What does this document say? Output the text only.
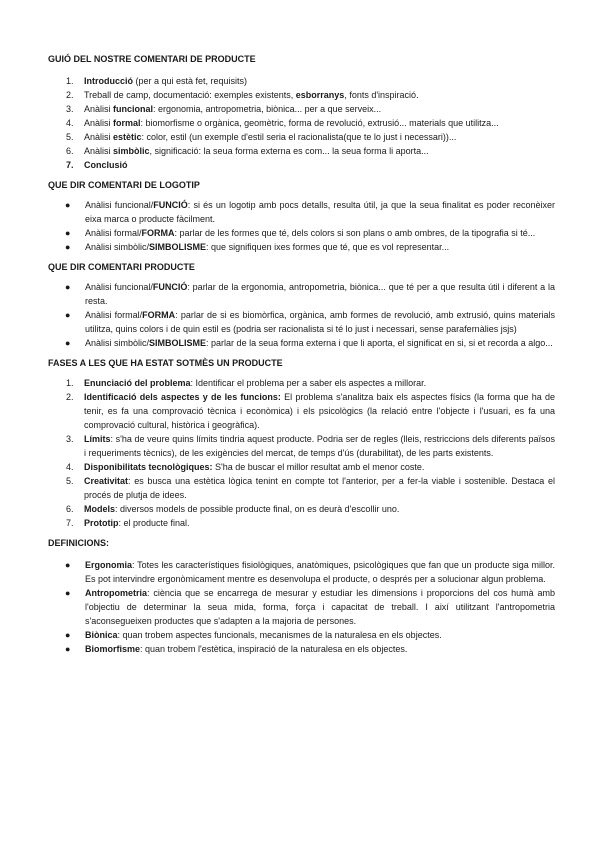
GUIÓ DEL NOSTRE COMENTARI DE PRODUCTE

1. Introducció (per a qui està fet, requisits)
2. Treball de camp, documentació: exemples existents, esborranys, fonts d'inspiració.
3. Anàlisi funcional: ergonomia, antropometria, biònica... per a que serveix...
4. Anàlisi formal: biomorfisme o orgànica, geomètric, forma de revolució, extrusió... materials que utilitza...
5. Anàlisi estètic: color, estil (un exemple d'estil seria el racionalista(que te lo just i necessari))...
6. Anàlisi simbòlic, significació: la seua forma externa es com... la seua forma li aporta...
7. Conclusió

QUE DIR COMENTARI DE LOGOTIP

● Anàlisi funcional/FUNCIÓ: si és un logotip amb pocs detalls, resulta útil, ja que la seua finalitat es poder reconèixer eixa marca o producte fàcilment.
● Anàlisi formal/FORMA: parlar de les formes que té, dels colors si son plans o amb ombres, de la tipografia si té...
● Anàlisi simbòlic/SIMBOLISME: que signifiquen ixes formes que té, que es vol representar...

QUE DIR COMENTARI PRODUCTE

● Anàlisi funcional/FUNCIÓ: parlar de la ergonomia, antropometria, biònica... que té per a que resulta útil i diferent a la resta.
● Anàlisi formal/FORMA: parlar de si es biomòrfica, orgànica, amb formes de revolució, amb extrusió, quins materials utilitza, quins colors i de quin estil es (podria ser racionalista si té lo just i necessari, sense parafernàlies jsjs)
● Anàlisi simbòlic/SIMBOLISME: parlar de la seua forma externa i que li aporta, el significat en si, si et recorda a algo...

FASES A LES QUE HA ESTAT SOTMÈS UN PRODUCTE

1. Enunciació del problema: Identificar el problema per a saber els aspectes a millorar.
2. Identificació dels aspectes y de les funcions: El problema s'analitza baix els aspectes físics (la forma que ha de tenir, es fa una comprovació tècnica i econòmica) i els psicològics (la relació entre l'objecte i l'usuari, es fa una comprovació cultural, històrica i geogràfica).
3. Límits: s'ha de veure quins límits tindria aquest producte. Podria ser de regles (lleis, restriccions dels diferents països i requeriments tècnics), de les exigències del mercat, de temps d'ús (durabilitat), de les parts existents.
4. Disponibilitats tecnològiques: S'ha de buscar el millor resultat amb el menor coste.
5. Creativitat: es busca una estètica lògica tenint en compte tot l'anterior, per a fer-la viable i sostenible. Destaca el procés de plutja de idees.
6. Models: diversos models de possible producte final, on es deurà d'escollir uno.
7. Prototip: el producte final.

DEFINICIONS:

● Ergonomia: Totes les característiques fisiològiques, anatòmiques, psicològiques que fan que un producte siga millor. Es pot intervindre ergonòmicament mentre es desenvolupa el producte, o després per a solucionar algun problema.
● Antropometria: ciència que se encarrega de mesurar y estudiar les dimensions i proporcions del cos humà amb l'objectiu de determinar la seua mida, forma, força i capacitat de treball. I així utilitzant l'antropometria s'aconsegueixen productes que s'adapten a la majoria de persones.
● Biònica: quan trobem aspectes funcionals, mecanismes de la naturalesa en els objectes.
● Biomorfisme: quan trobem l'estètica, inspiració de la naturalesa en els objectes.
